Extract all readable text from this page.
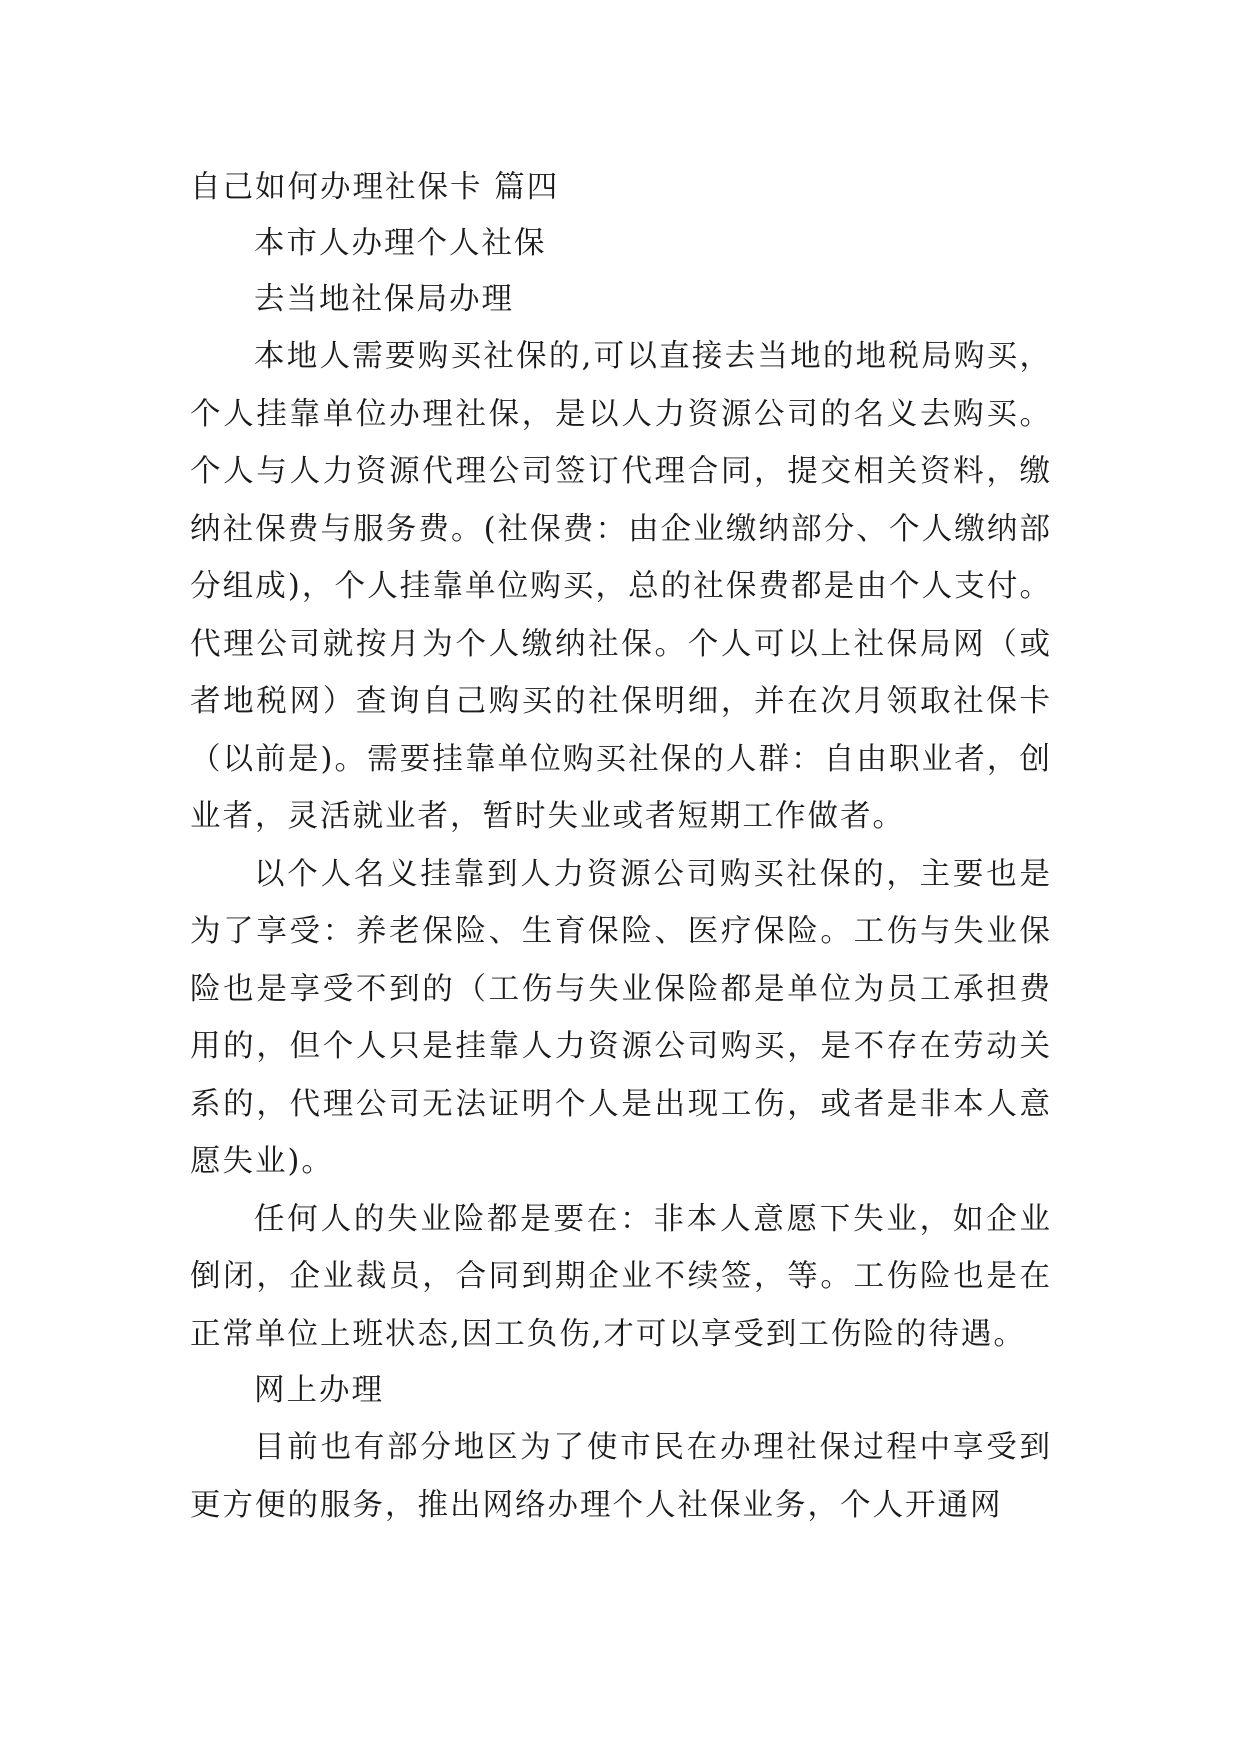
自己如何办理社保卡 篇四
本市人办理个人社保
去当地社保局办理

本地人需要购买社保的,可以直接去当地的地税局购买，个人挂靠单位办理社保，是以人力资源公司的名义去购买。个人与人力资源代理公司签订代理合同，提交相关资料，缴纳社保费与服务费。(社保费：由企业缴纳部分、个人缴纳部分组成)，个人挂靠单位购买，总的社保费都是由个人支付。代理公司就按月为个人缴纳社保。个人可以上社保局网（或者地税网）查询自己购买的社保明细，并在次月领取社保卡（以前是)。需要挂靠单位购买社保的人群：自由职业者，创业者，灵活就业者，暂时失业或者短期工作做者。

以个人名义挂靠到人力资源公司购买社保的，主要也是为了享受：养老保险、生育保险、医疗保险。工伤与失业保险也是享受不到的（工伤与失业保险都是单位为员工承担费用的，但个人只是挂靠人力资源公司购买，是不存在劳动关系的，代理公司无法证明个人是出现工伤，或者是非本人意愿失业)。

任何人的失业险都是要在：非本人意愿下失业，如企业倒闭，企业裁员，合同到期企业不续签，等。工伤险也是在正常单位上班状态,因工负伤,才可以享受到工伤险的待遇。

网上办理

目前也有部分地区为了使市民在办理社保过程中享受到更方便的服务，推出网络办理个人社保业务，个人开通网
